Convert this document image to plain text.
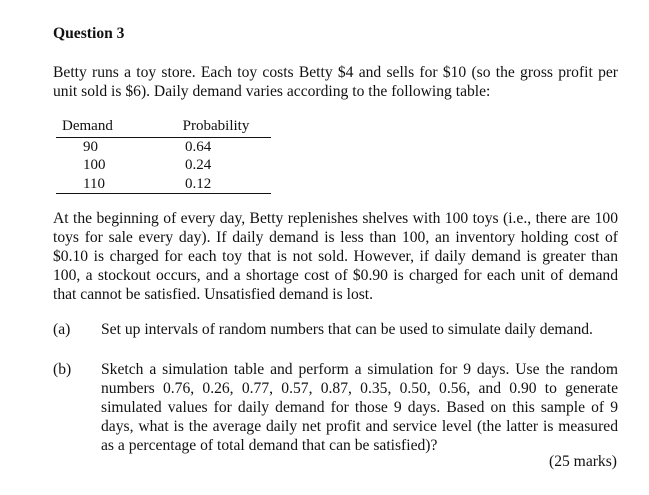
Question 3
Betty runs a toy store. Each toy costs Betty $4 and sells for $10 (so the gross profit per unit sold is $6). Daily demand varies according to the following table:
Demand	Probability
90	0.64
100	0.24
110	0.12
At the beginning of every day, Betty replenishes shelves with 100 toys (i.e., there are 100 toys for sale every day). If daily demand is less than 100, an inventory holding cost of $0.10 is charged for each toy that is not sold. However, if daily demand is greater than 100, a stockout occurs, and a shortage cost of $0.90 is charged for each unit of demand that cannot be satisfied. Unsatisfied demand is lost.
(a) Set up intervals of random numbers that can be used to simulate daily demand.
(b) Sketch a simulation table and perform a simulation for 9 days. Use the random numbers 0.76, 0.26, 0.77, 0.57, 0.87, 0.35, 0.50, 0.56, and 0.90 to generate simulated values for daily demand for those 9 days. Based on this sample of 9 days, what is the average daily net profit and service level (the latter is measured as a percentage of total demand that can be satisfied)?
(25 marks)
